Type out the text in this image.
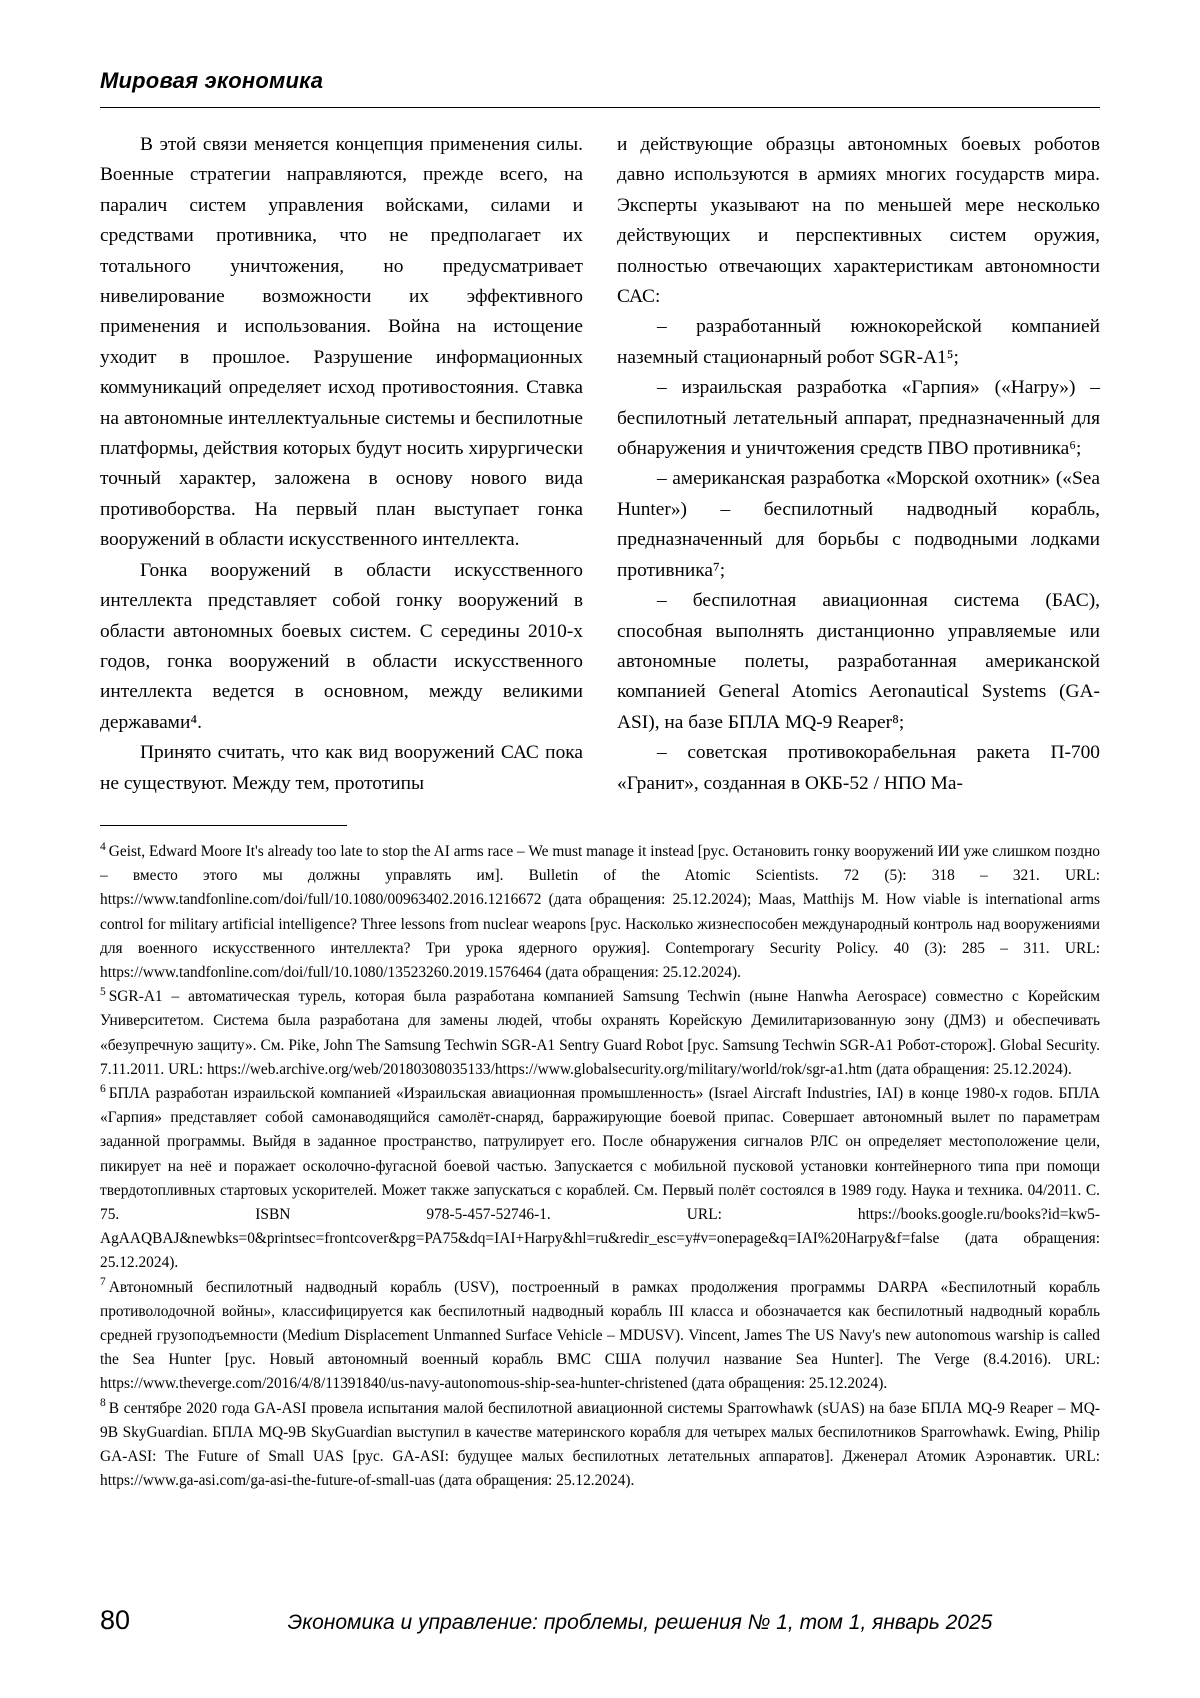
Мировая экономика

В этой связи меняется концепция применения силы. Военные стратегии направляются, прежде всего, на паралич систем управления войсками, силами и средствами противника, что не предполагает их тотального уничтожения, но предусматривает нивелирование возможности их эффективного применения и использования. Война на истощение уходит в прошлое. Разрушение информационных коммуникаций определяет исход противостояния. Ставка на автономные интеллектуальные системы и беспилотные платформы, действия которых будут носить хирургически точный характер, заложена в основу нового вида противоборства. На первый план выступает гонка вооружений в области искусственного интеллекта.

Гонка вооружений в области искусственного интеллекта представляет собой гонку вооружений в области автономных боевых систем. С середины 2010-х годов, гонка вооружений в области искусственного интеллекта ведется в основном, между великими державами⁴.

Принято считать, что как вид вооружений САС пока не существуют. Между тем, прототипы

и действующие образцы автономных боевых роботов давно используются в армиях многих государств мира. Эксперты указывают на по меньшей мере несколько действующих и перспективных систем оружия, полностью отвечающих характеристикам автономности САС:

– разработанный южнокорейской компанией наземный стационарный робот SGR-A1⁵;

– израильская разработка «Гарпия» («Harpy») – беспилотный летательный аппарат, предназначенный для обнаружения и уничтожения средств ПВО противника⁶;

– американская разработка «Морской охотник» («Sea Hunter») – беспилотный надводный корабль, предназначенный для борьбы с подводными лодками противника⁷;

– беспилотная авиационная система (БАС), способная выполнять дистанционно управляемые или автономные полеты, разработанная американской компанией General Atomics Aeronautical Systems (GA-ASI), на базе БПЛА MQ-9 Reaper⁸;

– советская противокорабельная ракета П-700 «Гранит», созданная в ОКБ-52 / НПО Ма-

$^4$ Geist, Edward Moore It's already too late to stop the AI arms race – We must manage it instead [рус. Остановить гонку вооружений ИИ уже слишком поздно – вместо этого мы должны управлять им]. Bulletin of the Atomic Scientists. 72 (5): 318 – 321. URL: https://www.tandfonline.com/doi/full/10.1080/00963402.2016.1216672 (дата обращения: 25.12.2024); Maas, Matthijs M. How viable is international arms control for military artificial intelligence? Three lessons from nuclear weapons [рус. Насколько жизнеспособен международный контроль над вооружениями для военного искусственного интеллекта? Три урока ядерного оружия]. Contemporary Security Policy. 40 (3): 285 – 311. URL: https://www.tandfonline.com/doi/full/10.1080/13523260.2019.1576464 (дата обращения: 25.12.2024).

$^5$ SGR-A1 – автоматическая турель, которая была разработана компанией Samsung Techwin (ныне Hanwha Aerospace) совместно с Корейским Университетом. Система была разработана для замены людей, чтобы охранять Корейскую Демилитаризованную зону (ДМЗ) и обеспечивать «безупречную защиту». См. Pike, John The Samsung Techwin SGR-A1 Sentry Guard Robot [рус. Samsung Techwin SGR-A1 Робот-сторож]. Global Security. 7.11.2011. URL: https://web.archive.org/web/20180308035133/https://www.globalsecurity.org/military/world/rok/sgr-a1.htm (дата обращения: 25.12.2024).

$^6$ БПЛА разработан израильской компанией «Израильская авиационная промышленность» (Israel Aircraft Industries, IAI) в конце 1980-х годов. БПЛА «Гарпия» представляет собой самонаводящийся самолёт-снаряд, барражирующие боевой припас. Совершает автономный вылет по параметрам заданной программы. Выйдя в заданное пространство, патрулирует его. После обнаружения сигналов РЛС он определяет местоположение цели, пикирует на неё и поражает осколочно-фугасной боевой частью. Запускается с мобильной пусковой установки контейнерного типа при помощи твердотопливных стартовых ускорителей. Может также запускаться с кораблей. См. Первый полёт состоялся в 1989 году. Наука и техника. 04/2011. С. 75. ISBN 978-5-457-52746-1. URL: https://books.google.ru/books?id=kw5-AgAAQBAJ&newbks=0&printsec=frontcover&pg=PA75&dq=IAI+Harpy&hl=ru&redir_esc=y#v=onepage&q=IAI%20Harpy&f=false (дата обращения: 25.12.2024).

$^7$ Автономный беспилотный надводный корабль (USV), построенный в рамках продолжения программы DARPA «Беспилотный корабль противолодочной войны», классифицируется как беспилотный надводный корабль III класса и обозначается как беспилотный надводный корабль средней грузоподъемности (Medium Displacement Unmanned Surface Vehicle – MDUSV). Vincent, James The US Navy's new autonomous warship is called the Sea Hunter [рус. Новый автономный военный корабль ВМС США получил название Sea Hunter]. The Verge (8.4.2016). URL: https://www.theverge.com/2016/4/8/11391840/us-navy-autonomous-ship-sea-hunter-christened (дата обращения: 25.12.2024).

$^8$ В сентябре 2020 года GA-ASI провела испытания малой беспилотной авиационной системы Sparrowhawk (sUAS) на базе БПЛА MQ-9 Reaper – MQ-9B SkyGuardian. БПЛА MQ-9B SkyGuardian выступил в качестве материнского корабля для четырех малых беспилотников Sparrowhawk. Ewing, Philip GA-ASI: The Future of Small UAS [рус. GA-ASI: будущее малых беспилотных летательных аппаратов]. Дженерал Атомик Аэронавтик. URL: https://www.ga-asi.com/ga-asi-the-future-of-small-uas (дата обращения: 25.12.2024).

80	Экономика и управление: проблемы, решения № 1, том 1, январь 2025
